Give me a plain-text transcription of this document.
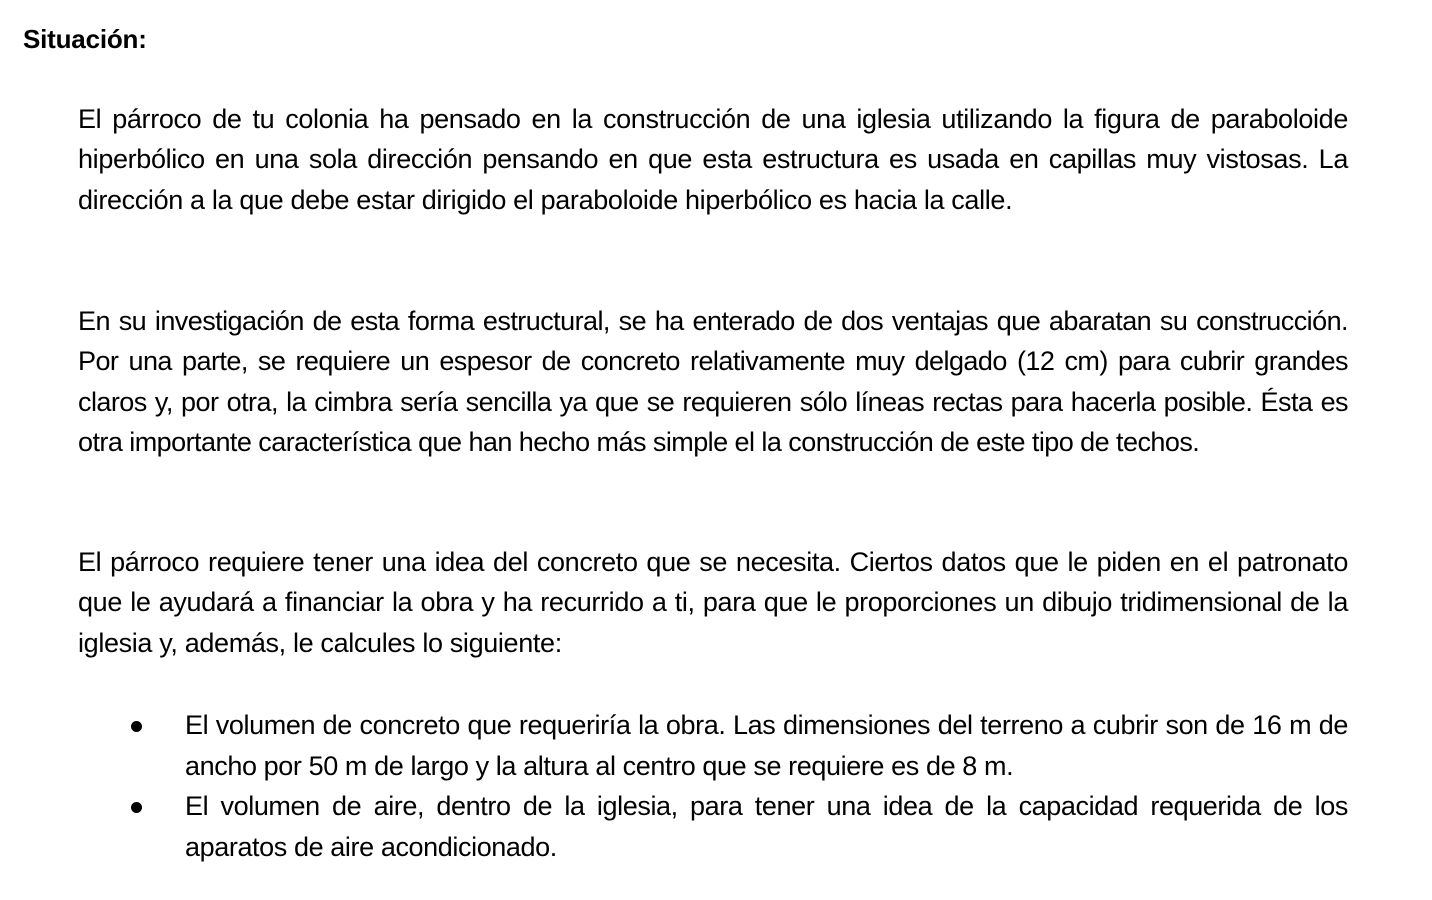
Situación:

El párroco de tu colonia ha pensado en la construcción de una iglesia utilizando la figura de paraboloide hiperbólico en una sola dirección pensando en que esta estructura es usada en capillas muy vistosas. La dirección a la que debe estar dirigido el paraboloide hiperbólico es hacia la calle.

En su investigación de esta forma estructural, se ha enterado de dos ventajas que abaratan su construcción. Por una parte, se requiere un espesor de concreto relativamente muy delgado (12 cm) para cubrir grandes claros y, por otra, la cimbra sería sencilla ya que se requieren sólo líneas rectas para hacerla posible. Ésta es otra importante característica que han hecho más simple el la construcción de este tipo de techos.

El párroco requiere tener una idea del concreto que se necesita. Ciertos datos que le piden en el patronato que le ayudará a financiar la obra y ha recurrido a ti, para que le proporciones un dibujo tridimensional de la iglesia y, además, le calcules lo siguiente:

El volumen de concreto que requeriría la obra. Las dimensiones del terreno a cubrir son de 16 m de ancho por 50 m de largo y la altura al centro que se requiere es de 8 m.
El volumen de aire, dentro de la iglesia, para tener una idea de la capacidad requerida de los aparatos de aire acondicionado.
